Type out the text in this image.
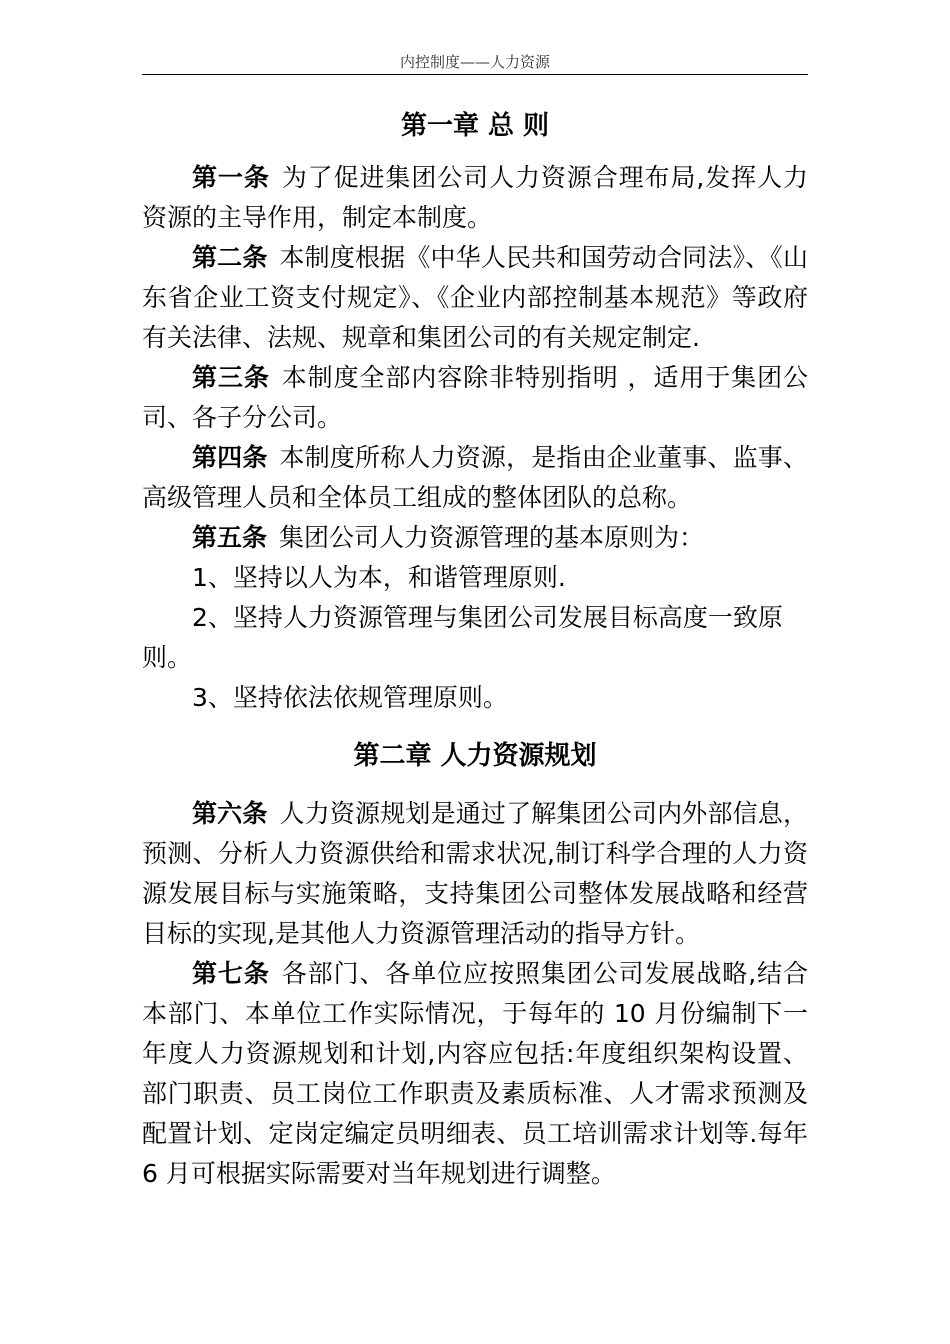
内控制度——人力资源
第一章 总 则

第一条 为了促进集团公司人力资源合理布局,发挥人力资源的主导作用，制定本制度。

第二条 本制度根据《中华人民共和国劳动合同法》、《山东省企业工资支付规定》、《企业内部控制基本规范》等政府有关法律、法规、规章和集团公司的有关规定制定.

第三条 本制度全部内容除非特别指明 ，适用于集团公司、各子分公司。

第四条 本制度所称人力资源，是指由企业董事、监事、高级管理人员和全体员工组成的整体团队的总称。

第五条 集团公司人力资源管理的基本原则为：

1、坚持以人为本，和谐管理原则.

2、坚持人力资源管理与集团公司发展目标高度一致原则。

3、坚持依法依规管理原则。

第二章 人力资源规划

第六条 人力资源规划是通过了解集团公司内外部信息，预测、分析人力资源供给和需求状况,制订科学合理的人力资源发展目标与实施策略，支持集团公司整体发展战略和经营目标的实现,是其他人力资源管理活动的指导方针。

第七条 各部门、各单位应按照集团公司发展战略,结合本部门、本单位工作实际情况，于每年的 10 月份编制下一年度人力资源规划和计划,内容应包括:年度组织架构设置、部门职责、员工岗位工作职责及素质标准、人才需求预测及配置计划、定岗定编定员明细表、员工培训需求计划等.每年 6 月可根据实际需要对当年规划进行调整。
